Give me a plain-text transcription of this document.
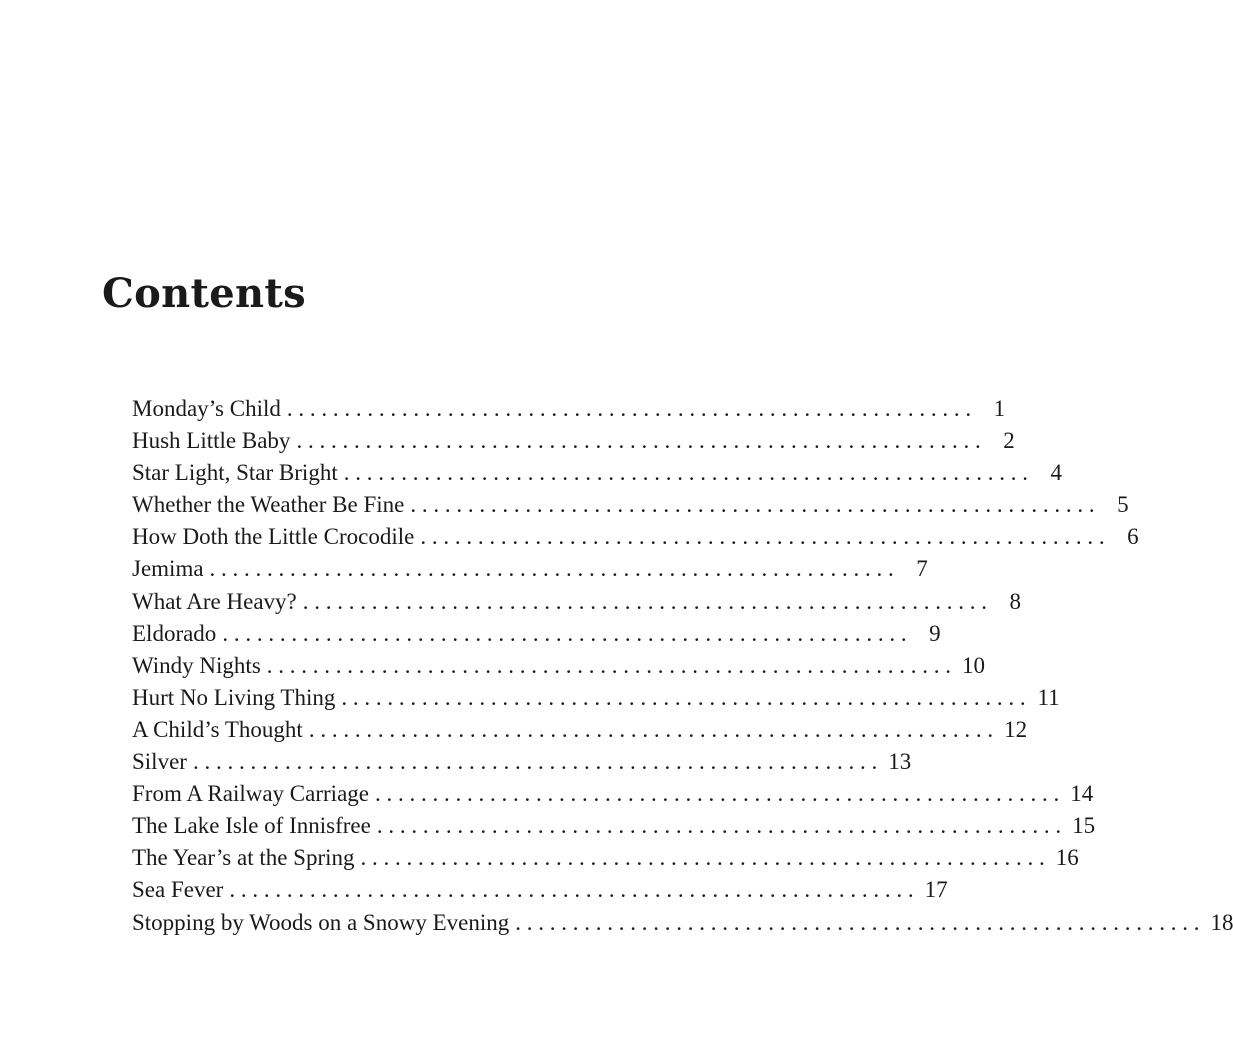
Contents
Monday’s Child . . . . . . . . . . . . . . . . . . . . . . . . . . . . . . . . . . . . . . . . . . . . . . . . . . . . . . . . . . . . 1
Hush Little Baby . . . . . . . . . . . . . . . . . . . . . . . . . . . . . . . . . . . . . . . . . . . . . . . . . . . . . . . . . . . . 2
Star Light, Star Bright . . . . . . . . . . . . . . . . . . . . . . . . . . . . . . . . . . . . . . . . . . . . . . . . . . . . . . . . . . . . 4
Whether the Weather Be Fine . . . . . . . . . . . . . . . . . . . . . . . . . . . . . . . . . . . . . . . . . . . . . . . . . . . . . . . . . . . . 5
How Doth the Little Crocodile . . . . . . . . . . . . . . . . . . . . . . . . . . . . . . . . . . . . . . . . . . . . . . . . . . . . . . . . . . . . 6
Jemima . . . . . . . . . . . . . . . . . . . . . . . . . . . . . . . . . . . . . . . . . . . . . . . . . . . . . . . . . . . . 7
What Are Heavy? . . . . . . . . . . . . . . . . . . . . . . . . . . . . . . . . . . . . . . . . . . . . . . . . . . . . . . . . . . . . 8
Eldorado . . . . . . . . . . . . . . . . . . . . . . . . . . . . . . . . . . . . . . . . . . . . . . . . . . . . . . . . . . . . 9
Windy Nights . . . . . . . . . . . . . . . . . . . . . . . . . . . . . . . . . . . . . . . . . . . . . . . . . . . . . . . . . . . . 10
Hurt No Living Thing . . . . . . . . . . . . . . . . . . . . . . . . . . . . . . . . . . . . . . . . . . . . . . . . . . . . . . . . . . . . 11
A Child’s Thought . . . . . . . . . . . . . . . . . . . . . . . . . . . . . . . . . . . . . . . . . . . . . . . . . . . . . . . . . . . . 12
Silver . . . . . . . . . . . . . . . . . . . . . . . . . . . . . . . . . . . . . . . . . . . . . . . . . . . . . . . . . . . . 13
From A Railway Carriage . . . . . . . . . . . . . . . . . . . . . . . . . . . . . . . . . . . . . . . . . . . . . . . . . . . . . . . . . . . . 14
The Lake Isle of Innisfree . . . . . . . . . . . . . . . . . . . . . . . . . . . . . . . . . . . . . . . . . . . . . . . . . . . . . . . . . . . . 15
The Year’s at the Spring . . . . . . . . . . . . . . . . . . . . . . . . . . . . . . . . . . . . . . . . . . . . . . . . . . . . . . . . . . . . 16
Sea Fever . . . . . . . . . . . . . . . . . . . . . . . . . . . . . . . . . . . . . . . . . . . . . . . . . . . . . . . . . . . . 17
Stopping by Woods on a Snowy Evening . . . . . . . . . . . . . . . . . . . . . . . . . . . . . . . . . . . . . . . . . . . . . . . . . . . . . . . . . . . . 18
